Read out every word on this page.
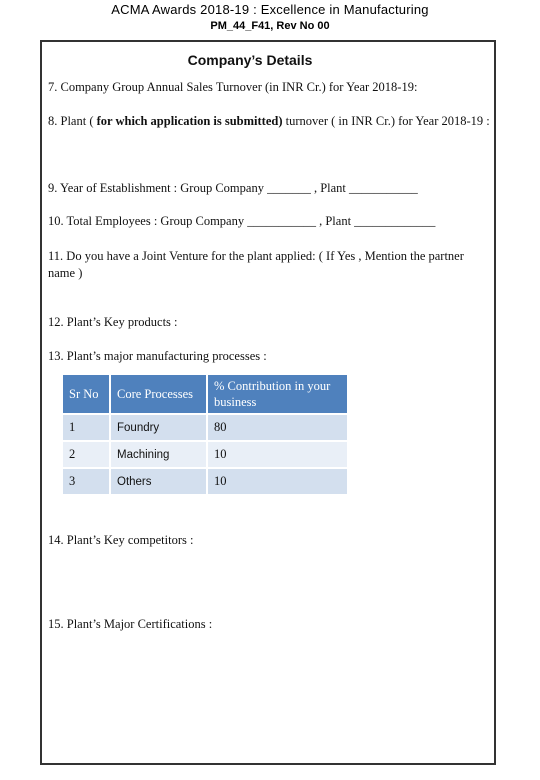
ACMA Awards 2018-19 : Excellence in Manufacturing
PM_44_F41, Rev No 00
Company’s Details
7. Company Group Annual Sales Turnover (in INR Cr.) for Year 2018-19:
8. Plant ( for which application is submitted) turnover ( in INR Cr.) for Year 2018-19 :
9. Year of Establishment : Group Company _______ , Plant ___________
10. Total Employees : Group Company ___________ , Plant _____________
11. Do you have a Joint Venture for the plant applied: ( If Yes , Mention the partner name )
12. Plant’s Key products :
13. Plant’s major manufacturing processes :
Sr No	Core Processes	% Contribution in your business
1	Foundry	80
2	Machining	10
3	Others	10
14. Plant’s Key competitors :
15. Plant’s Major Certifications :
